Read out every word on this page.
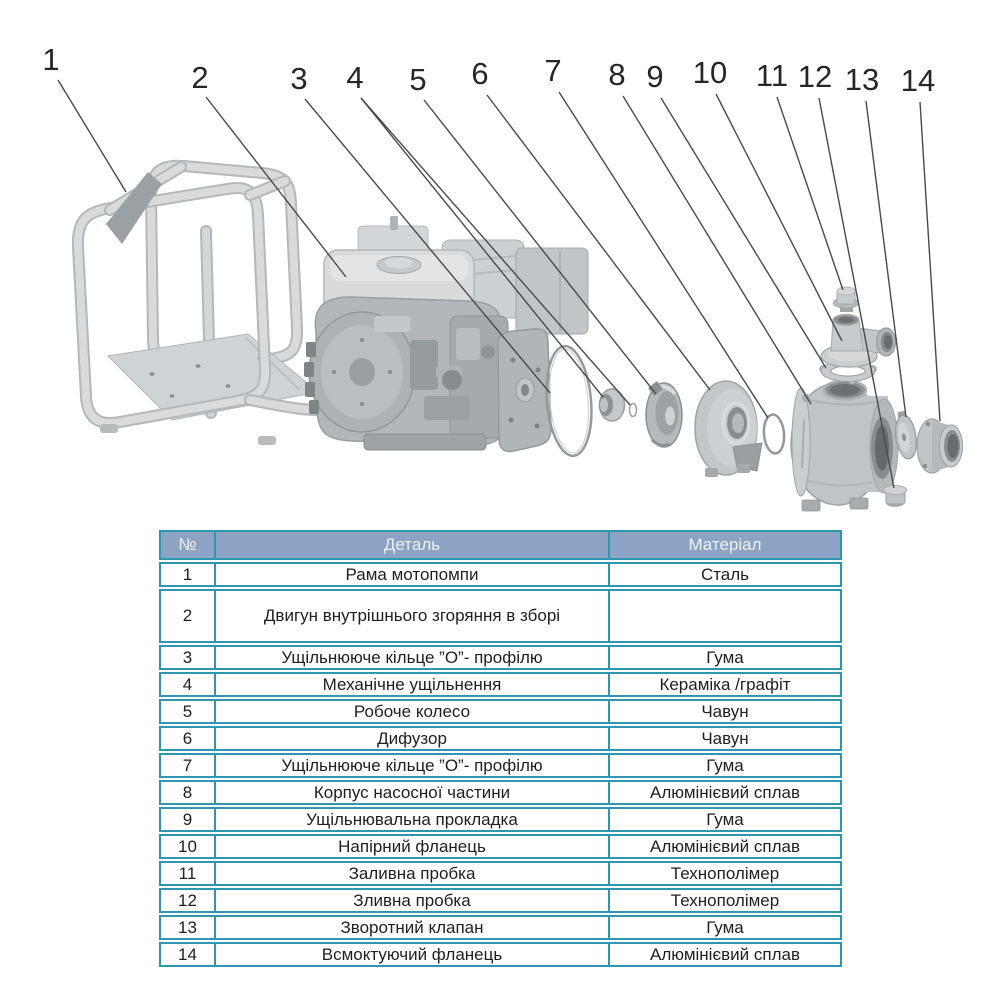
1
2	3 4 5 6 7 8 9 10 11 12 13 14
№	Деталь	Матеріал
1	Рама мотопомпи	Сталь
2	Двигун внутрішнього згоряння в зборі
3	Ущільнююче кільце ”О”- профілю	Гума
4	Механічне ущільнення	Кераміка /графіт
5	Робоче колесо	Чавун
6	Дифузор	Чавун
7	Ущільнююче кільце ”О”- профілю	Гума
8	Корпус насосної частини	Алюмінієвий сплав
9	Ущільнювальна прокладка	Гума
10	Напірний фланець	Алюмінієвий сплав
11	Заливна пробка	Технополімер
12	Зливна пробка	Технополімер
13	Зворотний клапан	Гума
14	Всмоктуючий фланець	Алюмінієвий сплав
